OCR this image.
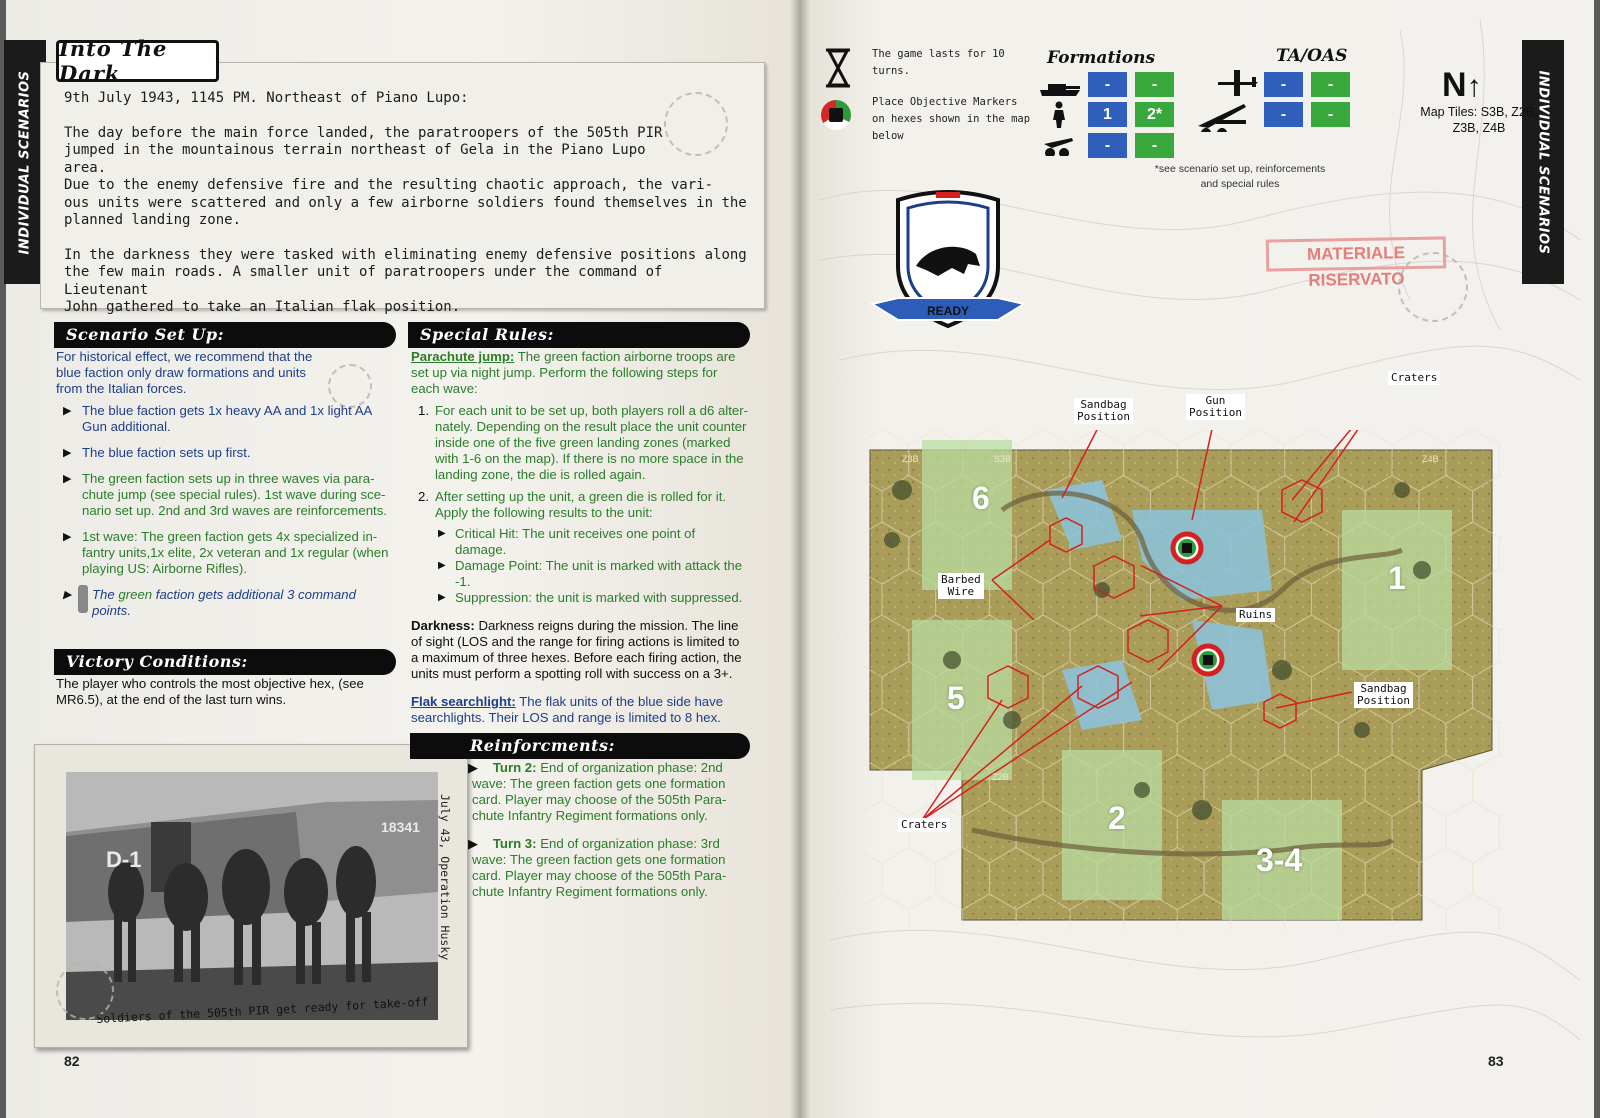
INDIVIDUAL SCENARIOS
Into The Dark

9th July 1943, 1145 PM. Northeast of Piano Lupo:

The day before the main force landed, the paratroopers of the 505th PIR

jumped in the mountainous terrain northeast of Gela in the Piano Lupo

area.

Due to the enemy defensive fire and the resulting chaotic approach, the vari-

ous units were scattered and only a few airborne soldiers found themselves in the

planned landing zone.

In the darkness they were tasked with eliminating enemy defensive positions along

the few main roads. A smaller unit of paratroopers under the command of Lieutenant

John gathered to take an Italian flak position.

Scenario Set Up:

For historical effect, we recommend that the blue faction only draw formations and units from the Italian forces.

▶ The blue faction gets 1x heavy AA and 1x light AA Gun additional.
▶ The blue faction sets up first.
▶ The green faction sets up in three waves via para- chute jump (see special rules). 1st wave during sce- nario set up. 2nd and 3rd waves are reinforcements.
▶ 1st wave: The green faction gets 4x specialized in- fantry units,1x elite, 2x veteran and 1x regular (when playing US: Airborne Rifles).
▶ The green faction gets additional 3 command points.
Victory Conditions:
The player who controls the most objective hex, (see MR6.5), at the end of the last turn wins.
Special Rules:

Parachute jump: The green faction airborne troops are set up via night jump. Perform the following steps for each wave:

1. For each unit to be set up, both players roll a d6 alter- nately. Depending on the result place the unit counter inside one of the five green landing zones (marked with 1-6 on the map). If there is no more space in the landing zone, the die is rolled again.
2. After setting up the unit, a green die is rolled for it. Apply the following results to the unit:
▶ Critical Hit: The unit receives one point of damage.
▶ Damage Point: The unit is marked with attack the -1.
▶ Suppression: the unit is marked with suppressed.

Darkness: Darkness reigns during the mission. The line of sight (LOS and the range for firing actions is limited to a maximum of three hexes. Before each firing action, the units must perform a spotting roll with success on a 3+.

Flak searchlight: The flak units of the blue side have searchlights. Their LOS and range is limited to 8 hex.

D-1
18341
Soldiers of the 505th PIR get ready for take-off
July 43, Operation Husky
Reinforcments:

▶    Turn 2: End of organization phase: 2nd wave: The green faction gets one formation card. Player may choose of the 505th Para- chute Infantry Regiment formations only.

▶    Turn 3: End of organization phase: 3rd wave: The green faction gets one formation card. Player may choose of the 505th Para- chute Infantry Regiment formations only.

82
INDIVIDUAL SCENARIOS
The game lasts for 10
turns.
Place Objective Markers
on hexes shown in the map
below
Formations
-	-
1	2*
-	-
TA/OAS
-	-
-	-
*see scenario set up, reinforcements
and special rules
N↑
Map Tiles: S3B, Z2B, Z3B, Z4B
MATERIALE RISERVATO
READY
Z3B	S3B	Z4B
Z2B
6
1
5
2
3-4
Sandbag
Position
Gun
Position
Craters
Barbed
Wire
Ruins
Sandbag
Position
Craters
83
